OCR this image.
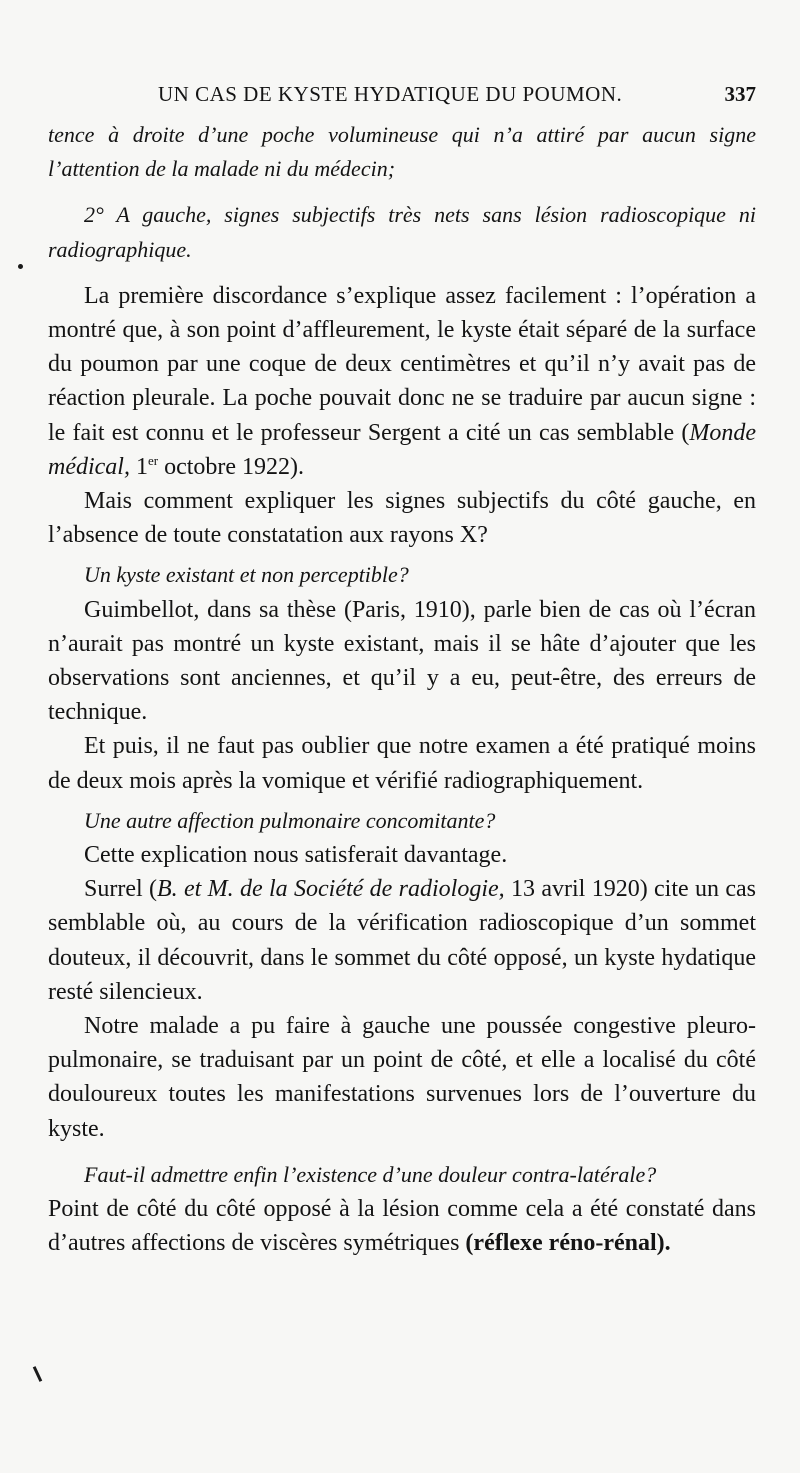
UN CAS DE KYSTE HYDATIQUE DU POUMON.	337

tence à droite d’une poche volumineuse qui n’a attiré par aucun signe l’attention de la malade ni du médecin;

2° A gauche, signes subjectifs très nets sans lésion radioscopique ni radiographique.

La première discordance s’explique assez facilement : l’opération a montré que, à son point d’affleurement, le kyste était séparé de la surface du poumon par une coque de deux centimètres et qu’il n’y avait pas de réaction pleurale. La poche pouvait donc ne se traduire par aucun signe : le fait est connu et le professeur Sergent a cité un cas semblable (Monde médical, 1er octobre 1922).

Mais comment expliquer les signes subjectifs du côté gauche, en l’absence de toute constatation aux rayons X?

Un kyste existant et non perceptible?

Guimbellot, dans sa thèse (Paris, 1910), parle bien de cas où l’écran n’aurait pas montré un kyste existant, mais il se hâte d’ajouter que les observations sont anciennes, et qu’il y a eu, peut-être, des erreurs de technique.

Et puis, il ne faut pas oublier que notre examen a été pratiqué moins de deux mois après la vomique et vérifié radiographiquement.

Une autre affection pulmonaire concomitante?

Cette explication nous satisferait davantage.

Surrel (B. et M. de la Société de radiologie, 13 avril 1920) cite un cas semblable où, au cours de la vérification radioscopique d’un sommet douteux, il découvrit, dans le sommet du côté opposé, un kyste hydatique resté silencieux.

Notre malade a pu faire à gauche une poussée congestive pleuro-pulmonaire, se traduisant par un point de côté, et elle a localisé du côté douloureux toutes les manifestations survenues lors de l’ouverture du kyste.

Faut-il admettre enfin l’existence d’une douleur contra-latérale?

Point de côté du côté opposé à la lésion comme cela a été constaté dans d’autres affections de viscères symétriques (réflexe réno-rénal).
